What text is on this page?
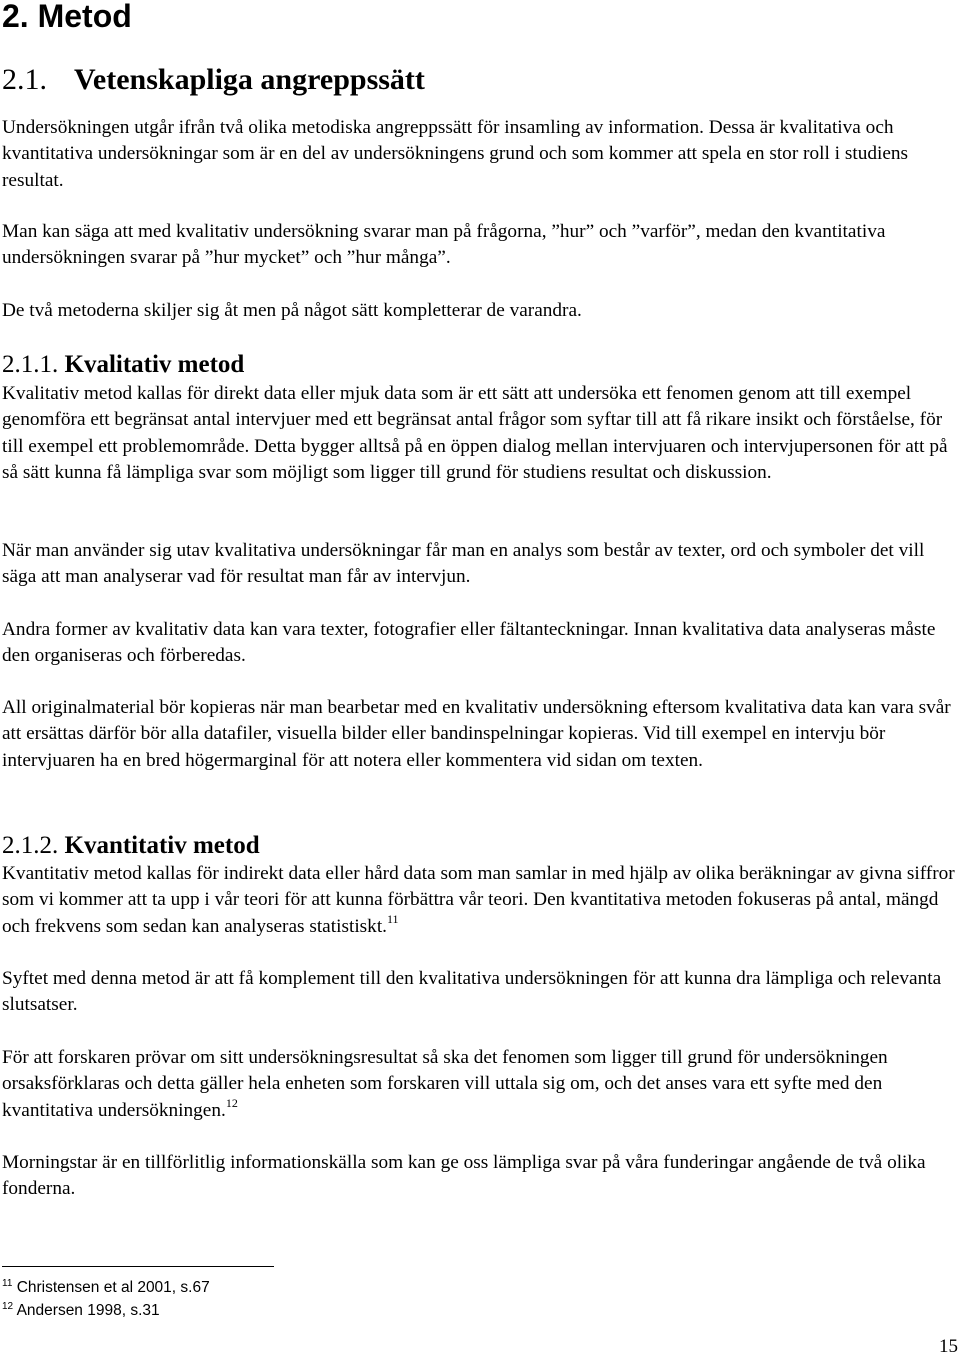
2. Metod
2.1. Vetenskapliga angreppssätt

Undersökningen utgår ifrån två olika metodiska angreppssätt för insamling av information. Dessa är kvalitativa och kvantitativa undersökningar som är en del av undersökningens grund och som kommer att spela en stor roll i studiens resultat.

Man kan säga att med kvalitativ undersökning svarar man på frågorna, ”hur” och ”varför”, medan den kvantitativa undersökningen svarar på ”hur mycket” och ”hur många”.

De två metoderna skiljer sig åt men på något sätt kompletterar de varandra.

2.1.1. Kvalitativ metod

Kvalitativ metod kallas för direkt data eller mjuk data som är ett sätt att undersöka ett fenomen genom att till exempel genomföra ett begränsat antal intervjuer med ett begränsat antal frågor som syftar till att få rikare insikt och förståelse, för till exempel ett problemområde. Detta bygger alltså på en öppen dialog mellan intervjuaren och intervjupersonen för att på så sätt kunna få lämpliga svar som möjligt som ligger till grund för studiens resultat och diskussion.

När man använder sig utav kvalitativa undersökningar får man en analys som består av texter, ord och symboler det vill säga att man analyserar vad för resultat man får av intervjun.

Andra former av kvalitativ data kan vara texter, fotografier eller fältanteckningar. Innan kvalitativa data analyseras måste den organiseras och förberedas.

All originalmaterial bör kopieras när man bearbetar med en kvalitativ undersökning eftersom kvalitativa data kan vara svår att ersättas därför bör alla datafiler, visuella bilder eller bandinspelningar kopieras. Vid till exempel en intervju bör intervjuaren ha en bred högermarginal för att notera eller kommentera vid sidan om texten.

2.1.2. Kvantitativ metod

Kvantitativ metod kallas för indirekt data eller hård data som man samlar in med hjälp av olika beräkningar av givna siffror som vi kommer att ta upp i vår teori för att kunna förbättra vår teori. Den kvantitativa metoden fokuseras på antal, mängd och frekvens som sedan kan analyseras statistiskt.$^{11}$

Syftet med denna metod är att få komplement till den kvalitativa undersökningen för att kunna dra lämpliga och relevanta slutsatser.

För att forskaren prövar om sitt undersökningsresultat så ska det fenomen som ligger till grund för undersökningen orsaksförklaras och detta gäller hela enheten som forskaren vill uttala sig om, och det anses vara ett syfte med den kvantitativa undersökningen.$^{12}$

Morningstar är en tillförlitlig informationskälla som kan ge oss lämpliga svar på våra funderingar angående de två olika fonderna.

$^{11}$ Christensen et al 2001, s.67
$^{12}$ Andersen 1998, s.31
15
